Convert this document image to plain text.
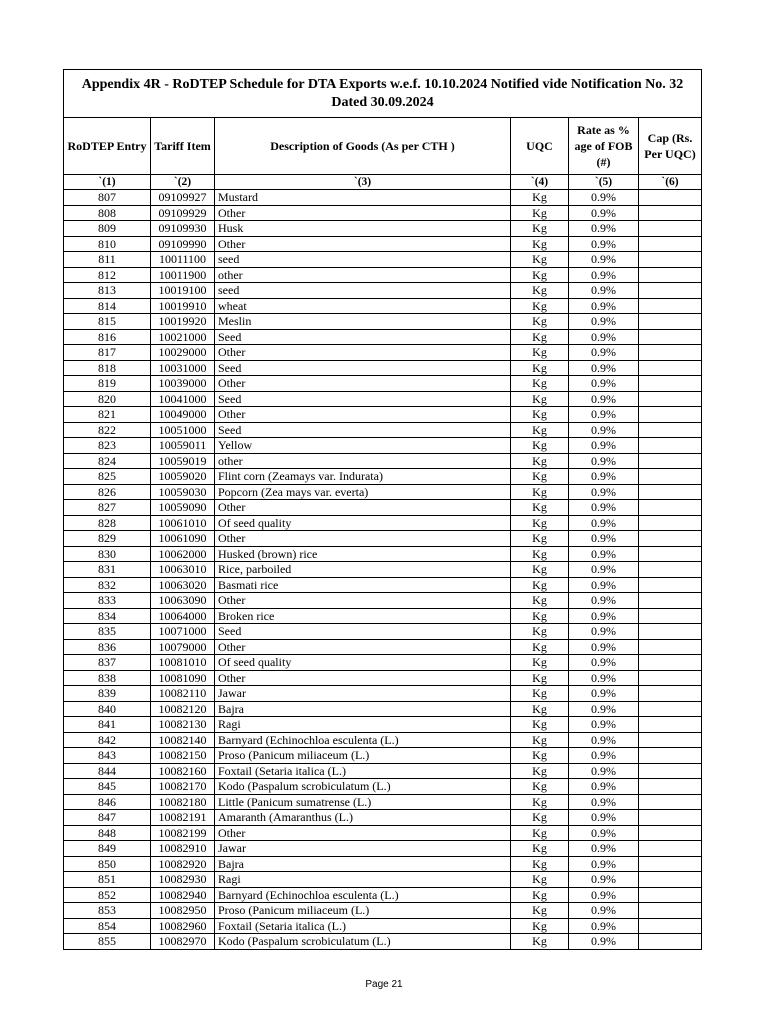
Appendix 4R - RoDTEP Schedule for DTA Exports w.e.f. 10.10.2024 Notified vide Notification No. 32 Dated 30.09.2024					
RoDTEP Entry	Tariff Item	Description of Goods (As per CTH )	UQC	Rate as % age of FOB (#)	Cap (Rs. Per UQC)
`(1)	`(2)	`(3)	`(4)	`(5)	`(6)
807	09109927	Mustard	Kg	0.9%	
808	09109929	Other	Kg	0.9%	
809	09109930	Husk	Kg	0.9%	
810	09109990	Other	Kg	0.9%	
811	10011100	seed	Kg	0.9%	
812	10011900	other	Kg	0.9%	
813	10019100	seed	Kg	0.9%	
814	10019910	wheat	Kg	0.9%	
815	10019920	Meslin	Kg	0.9%	
816	10021000	Seed	Kg	0.9%	
817	10029000	Other	Kg	0.9%	
818	10031000	Seed	Kg	0.9%	
819	10039000	Other	Kg	0.9%	
820	10041000	Seed	Kg	0.9%	
821	10049000	Other	Kg	0.9%	
822	10051000	Seed	Kg	0.9%	
823	10059011	Yellow	Kg	0.9%	
824	10059019	other	Kg	0.9%	
825	10059020	Flint corn (Zeamays var. Indurata)	Kg	0.9%	
826	10059030	Popcorn (Zea mays var. everta)	Kg	0.9%	
827	10059090	Other	Kg	0.9%	
828	10061010	Of seed quality	Kg	0.9%	
829	10061090	Other	Kg	0.9%	
830	10062000	Husked (brown) rice	Kg	0.9%	
831	10063010	Rice, parboiled	Kg	0.9%	
832	10063020	Basmati rice	Kg	0.9%	
833	10063090	Other	Kg	0.9%	
834	10064000	Broken rice	Kg	0.9%	
835	10071000	Seed	Kg	0.9%	
836	10079000	Other	Kg	0.9%	
837	10081010	Of seed quality	Kg	0.9%	
838	10081090	Other	Kg	0.9%	
839	10082110	Jawar	Kg	0.9%	
840	10082120	Bajra	Kg	0.9%	
841	10082130	Ragi	Kg	0.9%	
842	10082140	Barnyard (Echinochloa esculenta (L.)	Kg	0.9%	
843	10082150	Proso (Panicum miliaceum (L.)	Kg	0.9%	
844	10082160	Foxtail (Setaria italica (L.)	Kg	0.9%	
845	10082170	Kodo (Paspalum scrobiculatum (L.)	Kg	0.9%	
846	10082180	Little (Panicum sumatrense (L.)	Kg	0.9%	
847	10082191	Amaranth (Amaranthus (L.)	Kg	0.9%	
848	10082199	Other	Kg	0.9%	
849	10082910	Jawar	Kg	0.9%	
850	10082920	Bajra	Kg	0.9%	
851	10082930	Ragi	Kg	0.9%	
852	10082940	Barnyard (Echinochloa esculenta (L.)	Kg	0.9%	
853	10082950	Proso (Panicum miliaceum (L.)	Kg	0.9%	
854	10082960	Foxtail (Setaria italica (L.)	Kg	0.9%	
855	10082970	Kodo (Paspalum scrobiculatum (L.)	Kg	0.9%	
Page 21
